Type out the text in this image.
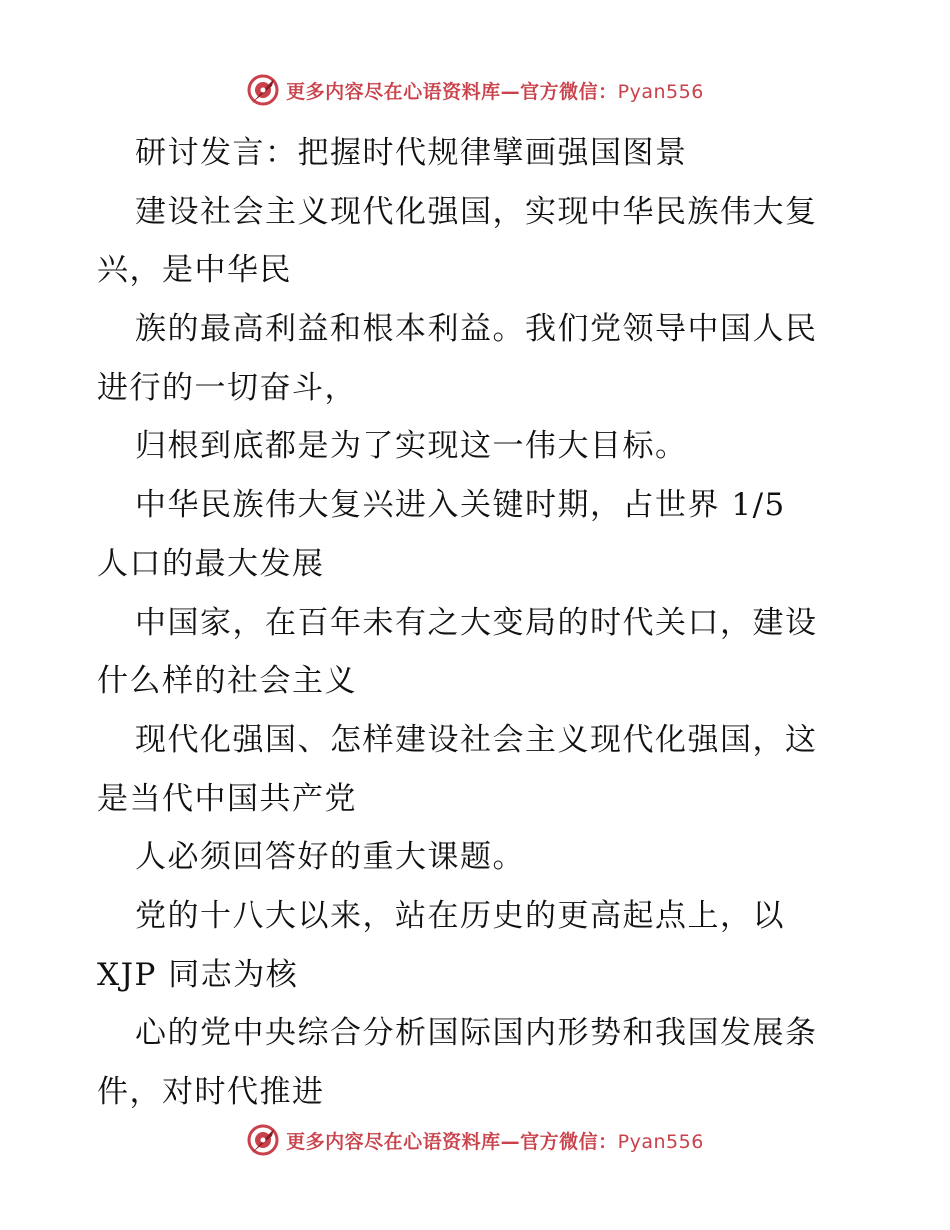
更多内容尽在心语资料库—官方微信：Pyan556
研讨发言：把握时代规律擘画强国图景
建设社会主义现代化强国，实现中华民族伟大复
兴，是中华民
族的最高利益和根本利益。我们党领导中国人民
进行的一切奋斗，
归根到底都是为了实现这一伟大目标。
中华民族伟大复兴进入关键时期，占世界 1/5
人口的最大发展
中国家，在百年未有之大变局的时代关口，建设
什么样的社会主义
现代化强国、怎样建设社会主义现代化强国，这
是当代中国共产党
人必须回答好的重大课题。
党的十八大以来，站在历史的更高起点上，以
XJP 同志为核
心的党中央综合分析国际国内形势和我国发展条
件，对时代推进
更多内容尽在心语资料库—官方微信：Pyan556
